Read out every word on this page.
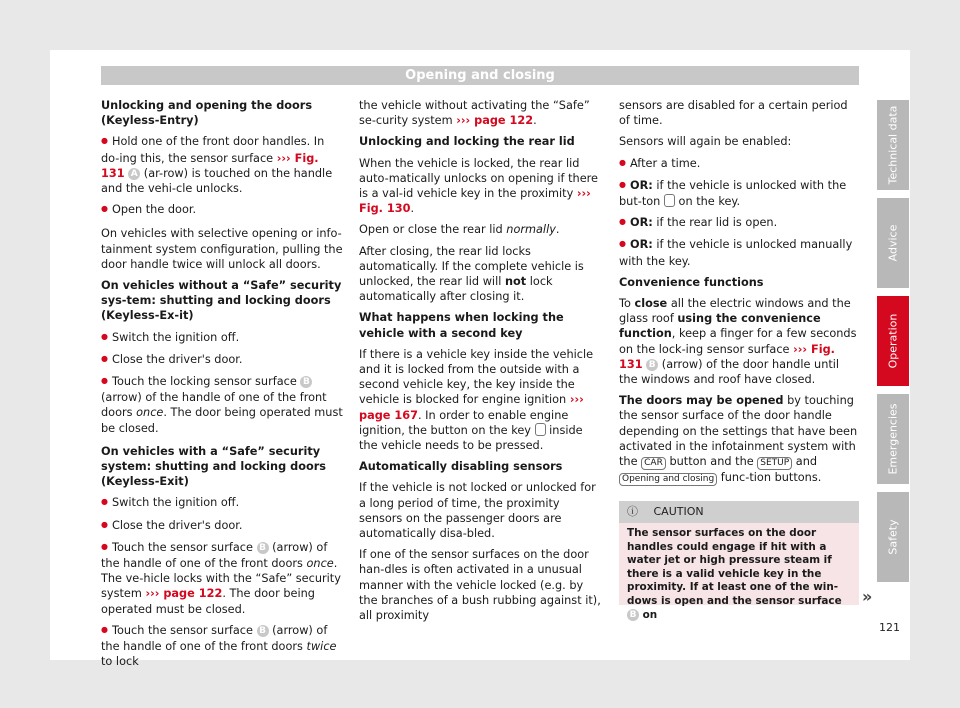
Opening and closing

Unlocking and opening the doors (Keyless-Entry)

● Hold one of the front door handles. In do-ing this, the sensor surface ››› Fig. 131 A (ar-row) is touched on the handle and the vehi-cle unlocks.

● Open the door.

On vehicles with selective opening or info-tainment system configuration, pulling the door handle twice will unlock all doors.

On vehicles without a “Safe” security sys-tem: shutting and locking doors (Keyless-Ex-it)

● Switch the ignition off.

● Close the driver's door.

● Touch the locking sensor surface B (arrow) of the handle of one of the front doors once. The door being operated must be closed.

On vehicles with a “Safe” security system: shutting and locking doors (Keyless-Exit)

● Switch the ignition off.

● Close the driver's door.

● Touch the sensor surface B (arrow) of the handle of one of the front doors once. The ve-hicle locks with the “Safe” security system ››› page 122. The door being operated must be closed.

● Touch the sensor surface B (arrow) of the handle of one of the front doors twice to lock

the vehicle without activating the “Safe” se-curity system ››› page 122.

Unlocking and locking the rear lid

When the vehicle is locked, the rear lid auto-matically unlocks on opening if there is a val-id vehicle key in the proximity ››› Fig. 130.

Open or close the rear lid normally.

After closing, the rear lid locks automatically. If the complete vehicle is unlocked, the rear lid will not lock automatically after closing it.

What happens when locking the vehicle with a second key

If there is a vehicle key inside the vehicle and it is locked from the outside with a second vehicle key, the key inside the vehicle is blocked for engine ignition ››› page 167. In order to enable engine ignition, the button on the key inside the vehicle needs to be pressed.

Automatically disabling sensors

If the vehicle is not locked or unlocked for a long period of time, the proximity sensors on the passenger doors are automatically disa-bled.

If one of the sensor surfaces on the door han-dles is often activated in a unusual manner with the vehicle locked (e.g. by the branches of a bush rubbing against it), all proximity

sensors are disabled for a certain period of time.

Sensors will again be enabled:

● After a time.

● OR: if the vehicle is unlocked with the but-ton on the key.

● OR: if the rear lid is open.

● OR: if the vehicle is unlocked manually with the key.

Convenience functions

To close all the electric windows and the glass roof using the convenience function, keep a finger for a few seconds on the lock-ing sensor surface ››› Fig. 131 B (arrow) of the door handle until the windows and roof have closed.

The doors may be opened by touching the sensor surface of the door handle depending on the settings that have been activated in the infotainment system with the CAR button and the SETUP and Opening and closing func-tion buttons.

ⓘ CAUTION
The sensor surfaces on the door handles could engage if hit with a water jet or high pressure steam if there is a valid vehicle key in the proximity. If at least one of the win-dows is open and the sensor surface B on
»
Technical data
Advice
Operation
Emergencies
Safety
121
